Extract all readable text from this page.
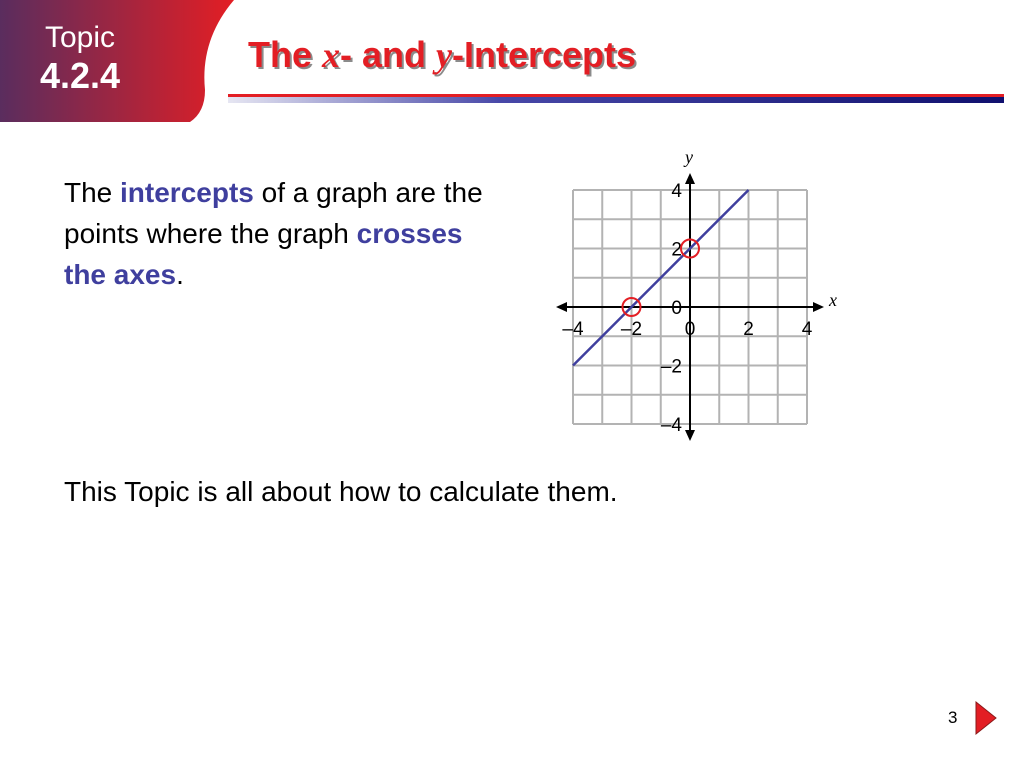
Topic
4.2.4
The x- and y-Intercepts

The intercepts of a graph are the points where the graph crosses the axes.

x
y
–4 –2 0	2	4
4
2
0
–2
–4

This Topic is all about how to calculate them.

3
